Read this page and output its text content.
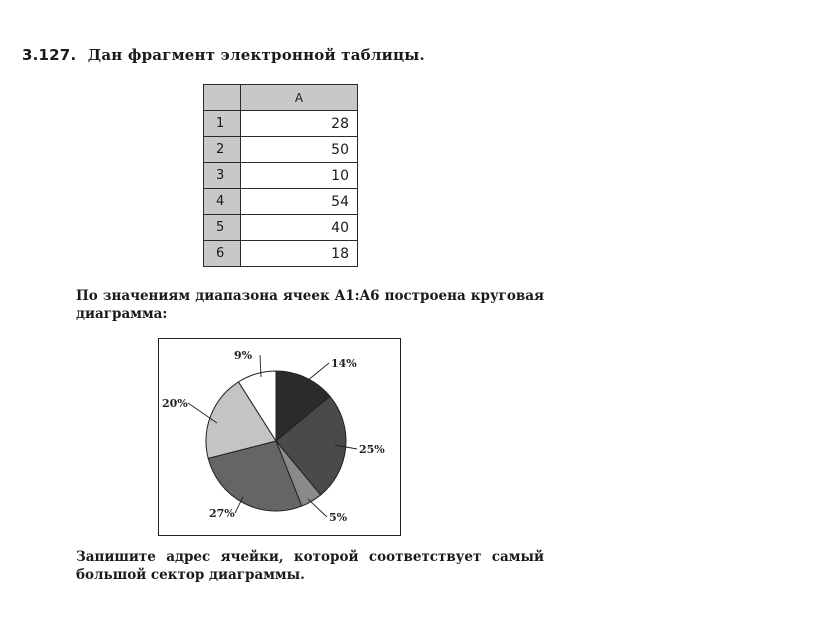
3.127. Дан фрагмент электронной таблицы.
	A
1	28
2	50
3	10
4	54
5	40
6	18
По значениям диапазона ячеек A1:A6 построена круговая диаграмма:
14%
25%
5%
27%
20%
9%
Запишите адрес ячейки, которой соответствует самый большой сектор диаграммы.
